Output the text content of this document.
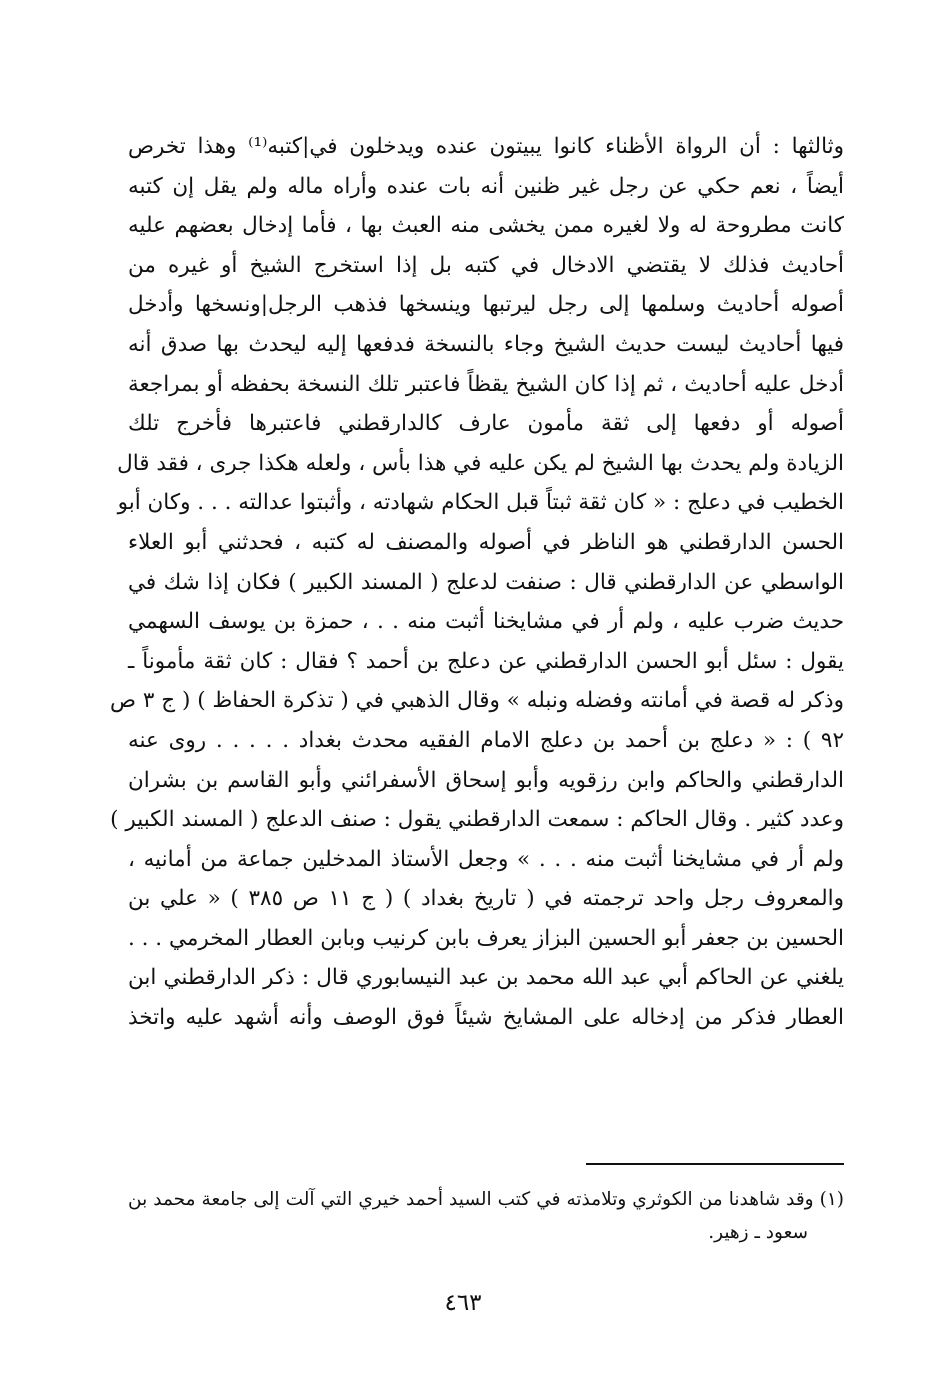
وثالثها : أن الرواة الأظناء كانوا يبيتون عنده ويدخلون في|كتبه⁽¹⁾ وهذا تخرص
أيضاً ، نعم حكي عن رجل غير ظنين أنه بات عنده وأراه ماله ولم يقل إن كتبه
كانت مطروحة له ولا لغيره ممن يخشى منه العبث بها ، فأما إدخال بعضهم عليه
أحاديث فذلك لا يقتضي الادخال في كتبه بل إذا استخرج الشيخ أو غيره من
أصوله أحاديث وسلمها إلى رجل ليرتبها وينسخها فذهب الرجل|ونسخها وأدخل
فيها أحاديث ليست حديث الشيخ وجاء بالنسخة فدفعها إليه ليحدث بها صدق أنه
أدخل عليه أحاديث ، ثم إذا كان الشيخ يقظاً فاعتبر تلك النسخة بحفظه أو بمراجعة
أصوله أو دفعها إلى ثقة مأمون عارف كالدارقطني فاعتبرها فأخرج تلك
الزيادة ولم يحدث بها الشيخ لم يكن عليه في هذا بأس ، ولعله هكذا جرى ، فقد قال
الخطيب في دعلج : « كان ثقة ثبتاً قبل الحكام شهادته ، وأثبتوا عدالته . . . وكان أبو
الحسن الدارقطني هو الناظر في أصوله والمصنف له كتبه ، فحدثني أبو العلاء
الواسطي عن الدارقطني قال : صنفت لدعلج ( المسند الكبير ) فكان إذا شك في
حديث ضرب عليه ، ولم أر في مشايخنا أثبت منه . . ، حمزة بن يوسف السهمي
يقول : سئل أبو الحسن الدارقطني عن دعلج بن أحمد ؟ فقال : كان ثقة مأموناً ـ
وذكر له قصة في أمانته وفضله ونبله » وقال الذهبي في ( تذكرة الحفاظ ) ( ج ٣ ص
٩٢ ) : « دعلج بن أحمد بن دعلج الامام الفقيه محدث بغداد . . . . . روى عنه
الدارقطني والحاكم وابن رزقويه وأبو إسحاق الأسفرائني وأبو القاسم بن بشران
وعدد كثير . وقال الحاكم : سمعت الدارقطني يقول : صنف الدعلج ( المسند الكبير )
ولم أر في مشايخنا أثبت منه . . . » وجعل الأستاذ المدخلين جماعة من أمانيه ،
والمعروف رجل واحد ترجمته في ( تاريخ بغداد ) ( ج ١١ ص ٣٨٥ ) « علي بن
الحسين بن جعفر أبو الحسين البزاز يعرف بابن كرنيب وبابن العطار المخرمي . . .
يلغني عن الحاكم أبي عبد الله محمد بن عبد النيسابوري قال : ذكر الدارقطني ابن
العطار فذكر من إدخاله على المشايخ شيئاً فوق الوصف وأنه أشهد عليه واتخذ
(١) وقد شاهدنا من الكوثري وتلامذته في كتب السيد أحمد خيري التي آلت إلى جامعة محمد بن
سعود ـ زهير.
٤٦٣
